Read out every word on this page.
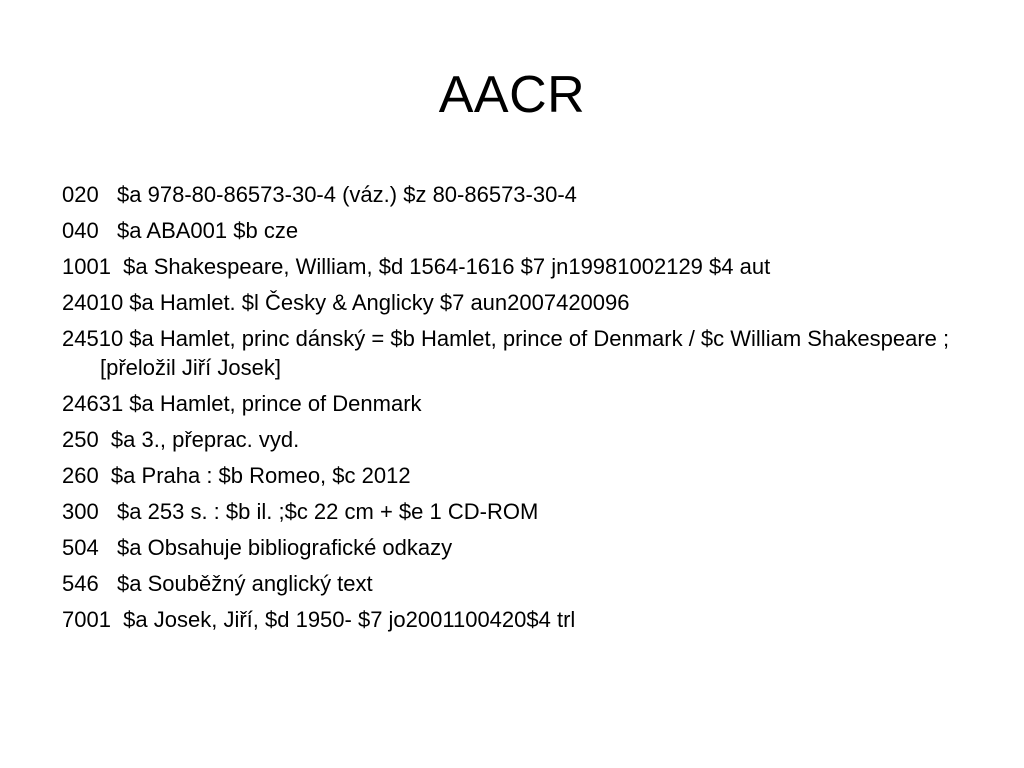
AACR
020   $a 978-80-86573-30-4 (váz.) $z 80-86573-30-4
040   $a ABA001 $b cze
1001  $a Shakespeare, William, $d 1564-1616 $7 jn19981002129 $4 aut
24010 $a Hamlet. $l Česky & Anglicky $7 aun2007420096
24510 $a Hamlet, princ dánský = $b Hamlet, prince of Denmark / $c William Shakespeare ; [přeložil Jiří Josek]
24631 $a Hamlet, prince of Denmark
250  $a 3., přeprac. vyd.
260  $a Praha : $b Romeo, $c 2012
300   $a 253 s. : $b il. ;$c 22 cm + $e 1 CD-ROM
504   $a Obsahuje bibliografické odkazy
546   $a Souběžný anglický text
7001  $a Josek, Jiří, $d 1950- $7 jo2001100420$4 trl
